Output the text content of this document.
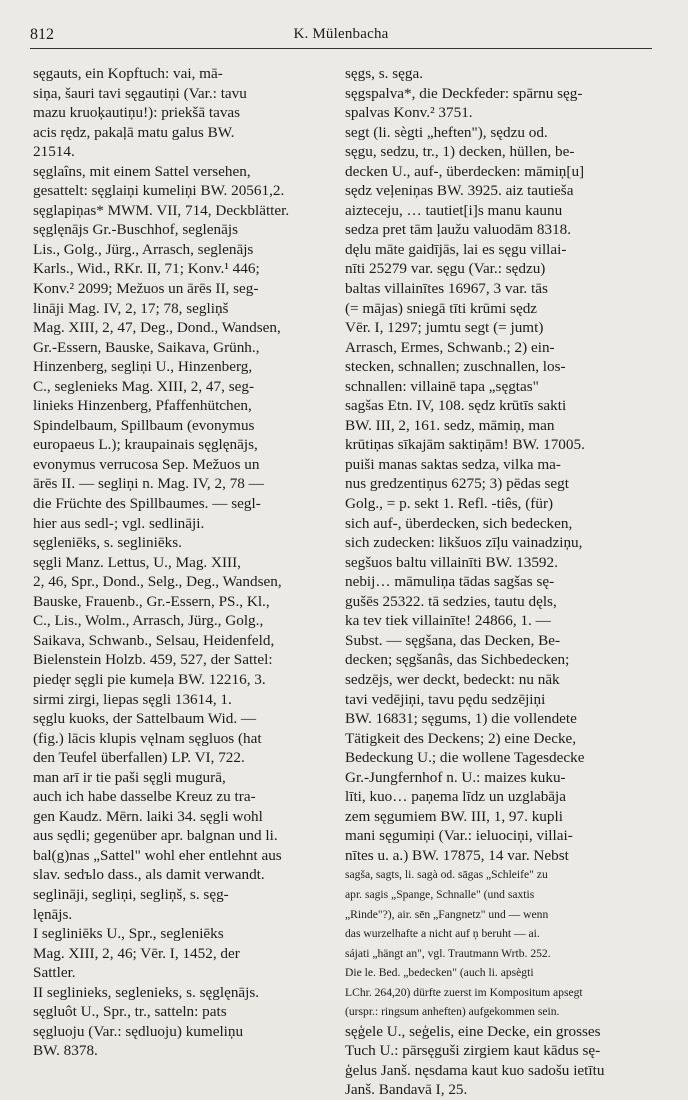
812	K. Mülenbacha

sęgauts, ein Kopftuch: vai, mā-

siņa, šauri tavi sęgautiņi (Var.: tavu

mazu kruoķautiņu!): priekšā tavas

acis rędz, pakaļā matu galus BW.

21514.

sęglaîns, mit einem Sattel versehen,

gesattelt: sęglaiņi kumeliņi BW. 20561,2.

sęglapiņas* MWM. VII, 714, Deckblätter.

sęglęnājs Gr.-Buschhof, seglenājs

Lis., Golg., Jürg., Arrasch, seglenājs

Karls., Wid., RKr. II, 71; Konv.¹ 446;

Konv.² 2099; Mežuos un ārēs II, seg-

lināji Mag. IV, 2, 17; 78, segliņš

Mag. XIII, 2, 47, Deg., Dond., Wandsen,

Gr.-Essern, Bauske, Saikava, Grünh.,

Hinzenberg, segliņi U., Hinzenberg,

C., segleniеks Mag. XIII, 2, 47, seg-

linieks Hinzenberg, Pfaffenhütchen,

Spindelbaum, Spillbaum (evonymus

europaeus L.); kraupainais sęglęnājs,

evonymus verrucosa Sep. Mežuos un

ārēs II. — segliņi n. Mag. IV, 2, 78 —

die Früchte des Spillbaumes. — segl-

hier aus sedl-; vgl. sedlināji.

sęgleniēks, s. segliniēks.

sęgli Manz. Lettus, U., Mag. XIII,

2, 46, Spr., Dond., Selg., Deg., Wandsen,

Bauske, Frauenb., Gr.-Essern, PS., Kl.,

C., Lis., Wolm., Arrasch, Jürg., Golg.,

Saikava, Schwanb., Selsau, Heidenfeld,

Bielenstein Holzb. 459, 527, der Sattel:

piedęr sęgli pie kumeļa BW. 12216, 3.

sirmi zirgi, liepas sęgli 13614, 1.

sęglu kuoks, der Sattelbaum Wid. —

(fig.) lācis klupis vęlnam sęgluos (hat

den Teufel überfallen) LP. VI, 722.

man arī ir tie paši sęgli mugurā,

auch ich habe dasselbe Kreuz zu tra-

gen Kaudz. Mērn. laiki 34. sęgli wohl

aus sędli; gegenüber apr. balgnan und li.

bal(g)nas „Sattel" wohl eher entlehnt aus

slav. sedъlo dass., als damit verwandt.

seglināji, segliņi, segliņš, s. sęg-

lęnājs.

I segliniēks U., Spr., segleniēks

Mag. XIII, 2, 46; Vēr. I, 1452, der

Sattler.

II seglinieks, seglenieks, s. sęglęnājs.

sęgluôt U., Spr., tr., satteln: pats

sęgluoju (Var.: sędluoju) kumeliņu

BW. 8378.

sęgs, s. sęga.

sęgspalva*, die Deckfeder: spārnu sęg-

spalvas Konv.² 3751.

segt (li. sègti „heften"), sędzu od.

sęgu, sedzu, tr., 1) decken, hüllen, be-

decken U., auf-, überdecken: māmiņ[u]

sędz veļeniņas BW. 3925. aiz tautieša

aizteceju, … tautiet[i]s manu kaunu

sedza pret tām ļaužu valuodām 8318.

dęlu māte gaidījās, lai es sęgu villai-

nīti 25279 var. sęgu (Var.: sędzu)

baltas villainītes 16967, 3 var. tās

(= mājas) sniegā tīti krūmi sędz

Vēr. I, 1297; jumtu segt (= jumt)

Arrasch, Ermes, Schwanb.; 2) ein-

stecken, schnallen; zuschnallen, los-

schnallen: villainē tapa „sęgtas"

sagšas Etn. IV, 108. sędz krūtīs sakti

BW. III, 2, 161. sedz, māmiņ, man

krūtiņas sīkajām saktiņām! BW. 17005.

puiši manas saktas sedza, vilka ma-

nus gredzentiņus 6275; 3) pēdas segt

Golg., = p. sekt 1. Refl. -tiês, (für)

sich auf-, überdecken, sich bedecken,

sich zudecken: likšuos zīļu vainadziņu,

segšuos baltu villainīti BW. 13592.

nebij… māmuliņa tādas sagšas sę-

gušēs 25322. tā sedzies, tautu dęls,

ka tev tiek villainīte! 24866, 1. —

Subst. — sęgšana, das Decken, Be-

decken; sęgšanâs, das Sichbedecken;

sedzējs, wer deckt, bedeckt: nu nāk

tavi vedējiņi, tavu pędu sedzējiņi

BW. 16831; sęgums, 1) die vollendete

Tätigkeit des Deckens; 2) eine Decke,

Bedeckung U.; die wollene Tagesdecke

Gr.-Jungfernhof n. U.: maizes kuku-

līti, kuo… paņema līdz un uzglabāja

zem sęgumiem BW. III, 1, 97. kupli

mani sęgumiņi (Var.: ieluociņi, villai-

nītes u. a.) BW. 17875, 14 var. Nebst

sagša, sagts, li. sagà od. sāgas „Schleife" zu

apr. sagis „Spange, Schnalle" (und saxtis

„Rinde"?), air. sēn „Fangnetz" und — wenn

das wurzelhafte a nicht auf ņ beruht — ai.

sájati „hängt an", vgl. Trautmann Wrtb. 252.

Die le. Bed. „bedecken" (auch li. apsègti

LChr. 264,20) dürfte zuerst im Kompositum apsegt

(urspr.: ringsum anheften) aufgekommen sein.

sęģele U., seģelis, eine Decke, ein grosses

Tuch U.: pārsęguši zirgiem kaut kādus sę-

ģelus Janš. nęsdama kaut kuo sadošu ietītu

Janš. Bandavā I, 25.
